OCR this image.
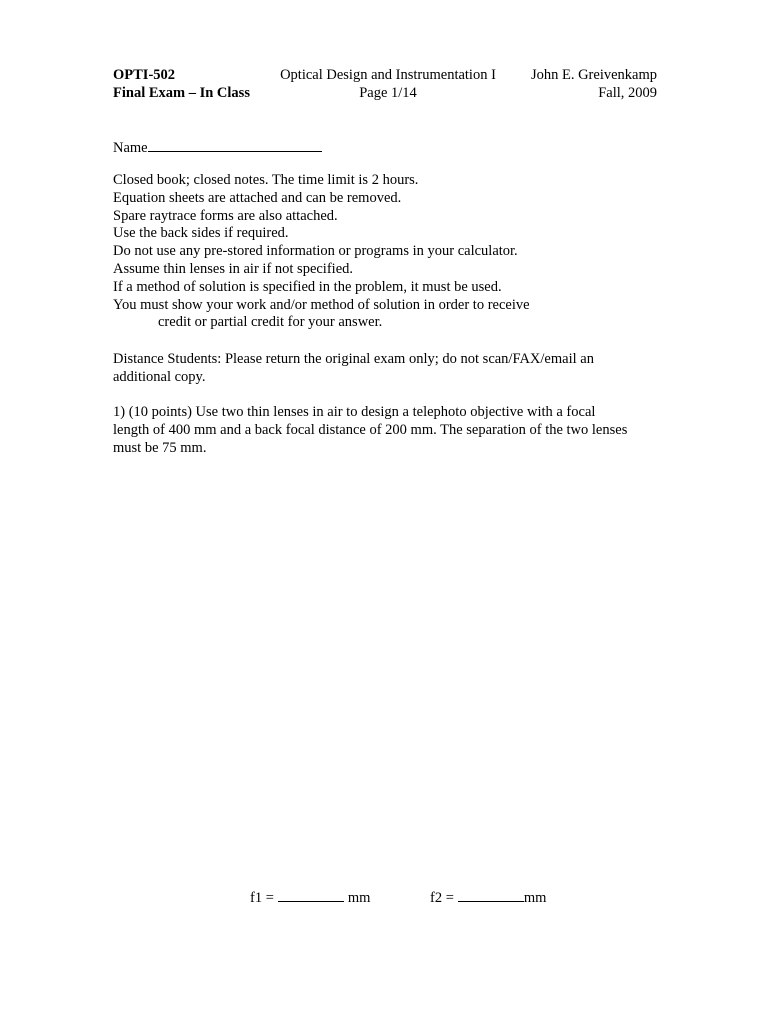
OPTI-502
Final Exam – In Class
Optical Design and Instrumentation I
Page 1/14
John E. Greivenkamp
Fall, 2009
Name
Closed book; closed notes. The time limit is 2 hours.
Equation sheets are attached and can be removed.
Spare raytrace forms are also attached.
Use the back sides if required.
Do not use any pre-stored information or programs in your calculator.
Assume thin lenses in air if not specified.
If a method of solution is specified in the problem, it must be used.
You must show your work and/or method of solution in order to receive
credit or partial credit for your answer.
Distance Students: Please return the original exam only; do not scan/FAX/email an
additional copy.
1) (10 points) Use two thin lenses in air to design a telephoto objective with a focal
length of 400 mm and a back focal distance of 200 mm. The separation of the two lenses
must be 75 mm.
f1 =	mm	f2 =	mm
